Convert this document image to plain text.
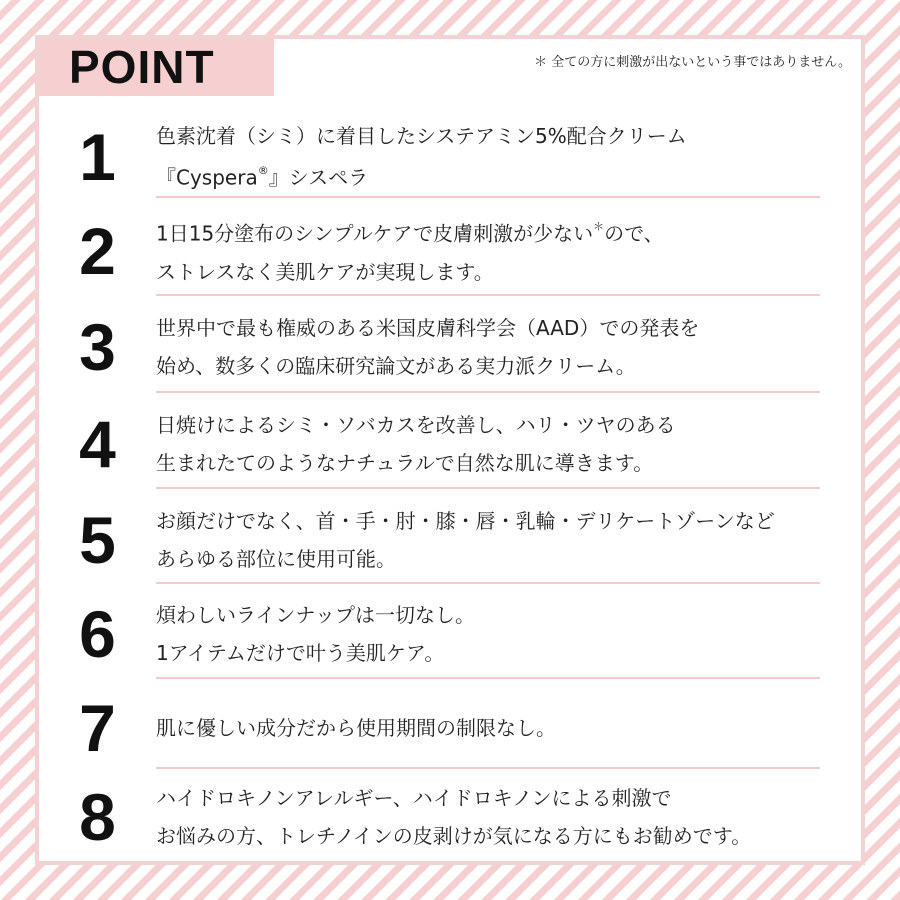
POINT	＊ 全ての方に刺激が出ないという事ではありません。
1	色素沈着（シミ）に着目したシステアミン5%配合クリーム
『Cyspera®』シスペラ
2	1日15分塗布のシンプルケアで皮膚刺激が少ない＊ので、
ストレスなく美肌ケアが実現します。
3	世界中で最も権威のある米国皮膚科学会（AAD）での発表を
始め、数多くの臨床研究論文がある実力派クリーム。
4	日焼けによるシミ・ソバカスを改善し、ハリ・ツヤのある
生まれたてのようなナチュラルで自然な肌に導きます。
5	お顔だけでなく、首・手・肘・膝・唇・乳輪・デリケートゾーンなど
あらゆる部位に使用可能。
6	煩わしいラインナップは一切なし。
1アイテムだけで叶う美肌ケア。
7	肌に優しい成分だから使用期間の制限なし。
8	ハイドロキノンアレルギー、ハイドロキノンによる刺激で
お悩みの方、トレチノインの皮剥けが気になる方にもお勧めです。
